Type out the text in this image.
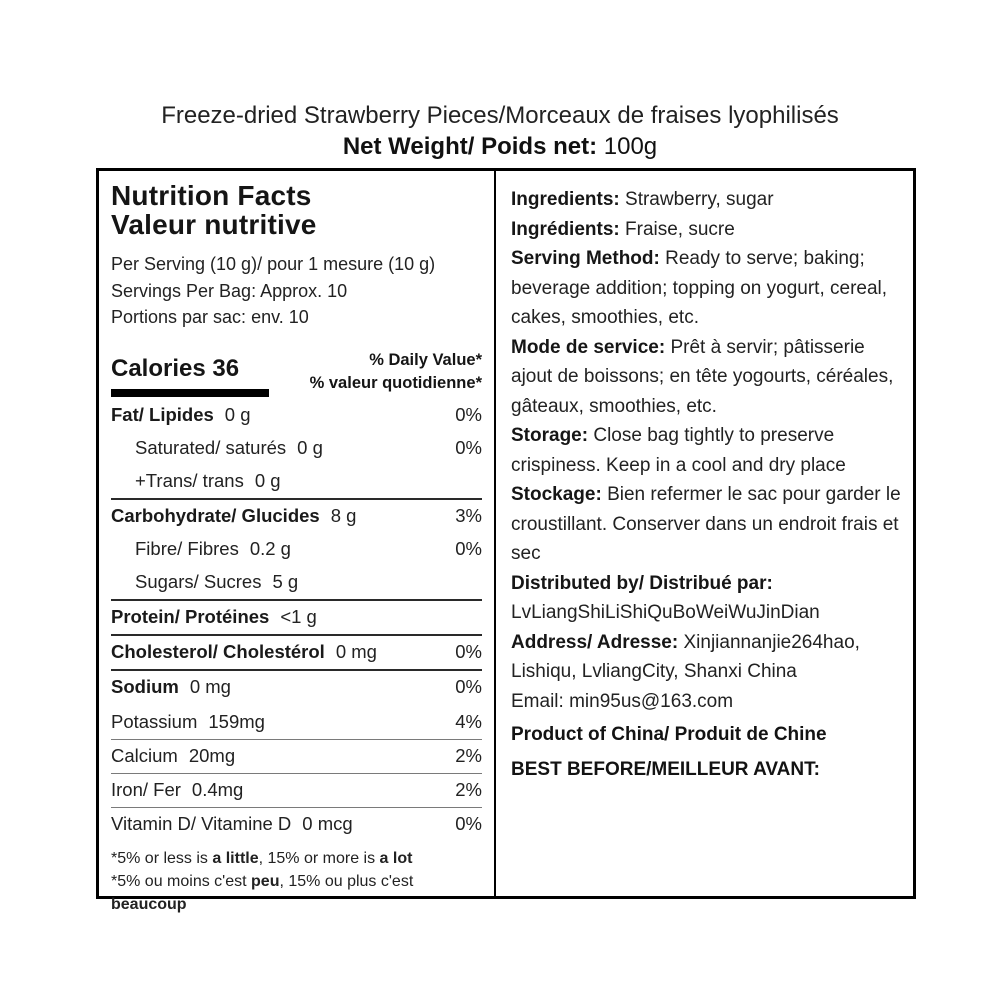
Freeze-dried Strawberry Pieces/Morceaux de fraises lyophilisés
Net Weight/ Poids net: 100g
Nutrition Facts
Valeur nutritive
Per Serving (10 g)/ pour 1 mesure (10 g)
Servings Per Bag: Approx. 10
Portions par sac: env. 10
Calories 36	% Daily Value*
% valeur quotidienne*
Fat/ Lipides 0 g	0%
Saturated/ saturés 0 g	0%
+Trans/ trans 0 g
Carbohydrate/ Glucides 8 g	3%
Fibre/ Fibres 0.2 g	0%
Sugars/ Sucres 5 g
Protein/ Protéines <1 g
Cholesterol/ Cholestérol 0 mg	0%
Sodium 0 mg	0%
Potassium 159mg	4%
Calcium 20mg	2%
Iron/ Fer 0.4mg	2%
Vitamin D/ Vitamine D 0 mcg	0%
*5% or less is a little, 15% or more is a lot
*5% ou moins c'est peu, 15% ou plus c'est beaucoup

Ingredients: Strawberry, sugar

Ingrédients: Fraise, sucre

Serving Method: Ready to serve; baking; beverage addition; topping on yogurt, cereal, cakes, smoothies, etc.

Mode de service: Prêt à servir; pâtisserie ajout de boissons; en tête yogourts, céréales, gâteaux, smoothies, etc.

Storage: Close bag tightly to preserve crispiness. Keep in a cool and dry place

Stockage: Bien refermer le sac pour garder le croustillant. Conserver dans un endroit frais et sec

Distributed by/ Distribué par: LvLiangShiLiShiQuBoWeiWuJinDian

Address/ Adresse: Xinjiannanjie264hao, Lishiqu, LvliangCity, Shanxi China

Email: min95us@163.com

Product of China/ Produit de Chine

BEST BEFORE/MEILLEUR AVANT:
